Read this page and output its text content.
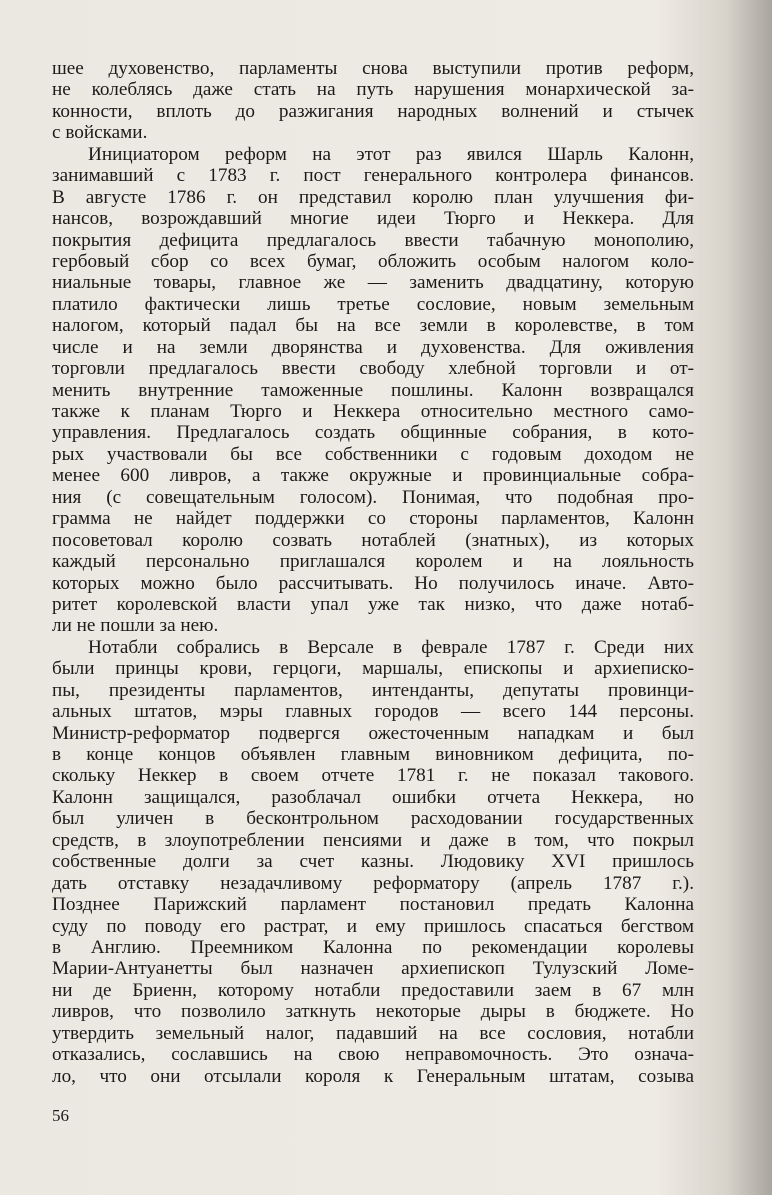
шее духовенство, парламенты снова выступили против реформ,
не колеблясь даже стать на путь нарушения монархической за-
конности, вплоть до разжигания народных волнений и стычек
с войсками.
Инициатором реформ на этот раз явился Шарль Калонн,
занимавший с 1783 г. пост генерального контролера финансов.
В августе 1786 г. он представил королю план улучшения фи-
нансов, возрождавший многие идеи Тюрго и Неккера. Для
покрытия дефицита предлагалось ввести табачную монополию,
гербовый сбор со всех бумаг, обложить особым налогом коло-
ниальные товары, главное же — заменить двадцатину, которую
платило фактически лишь третье сословие, новым земельным
налогом, который падал бы на все земли в королевстве, в том
числе и на земли дворянства и духовенства. Для оживления
торговли предлагалось ввести свободу хлебной торговли и от-
менить внутренние таможенные пошлины. Калонн возвращался
также к планам Тюрго и Неккера относительно местного само-
управления. Предлагалось создать общинные собрания, в кото-
рых участвовали бы все собственники с годовым доходом не
менее 600 ливров, а также окружные и провинциальные собра-
ния (с совещательным голосом). Понимая, что подобная про-
грамма не найдет поддержки со стороны парламентов, Калонн
посоветовал королю созвать нотаблей (знатных), из которых
каждый персонально приглашался королем и на лояльность
которых можно было рассчитывать. Но получилось иначе. Авто-
ритет королевской власти упал уже так низко, что даже нотаб-
ли не пошли за нею.
Нотабли собрались в Версале в феврале 1787 г. Среди них
были принцы крови, герцоги, маршалы, епископы и архиеписко-
пы, президенты парламентов, интенданты, депутаты провинци-
альных штатов, мэры главных городов — всего 144 персоны.
Министр-реформатор подвергся ожесточенным нападкам и был
в конце концов объявлен главным виновником дефицита, по-
скольку Неккер в своем отчете 1781 г. не показал такового.
Калонн защищался, разоблачал ошибки отчета Неккера, но
был уличен в бесконтрольном расходовании государственных
средств, в злоупотреблении пенсиями и даже в том, что покрыл
собственные долги за счет казны. Людовику XVI пришлось
дать отставку незадачливому реформатору (апрель 1787 г.).
Позднее Парижский парламент постановил предать Калонна
суду по поводу его растрат, и ему пришлось спасаться бегством
в Англию. Преемником Калонна по рекомендации королевы
Марии-Антуанетты был назначен архиепископ Тулузский Ломе-
ни де Бриенн, которому нотабли предоставили заем в 67 млн
ливров, что позволило заткнуть некоторые дыры в бюджете. Но
утвердить земельный налог, падавший на все сословия, нотабли
отказались, сославшись на свою неправомочность. Это означа-
ло, что они отсылали короля к Генеральным штатам, созыва
56
